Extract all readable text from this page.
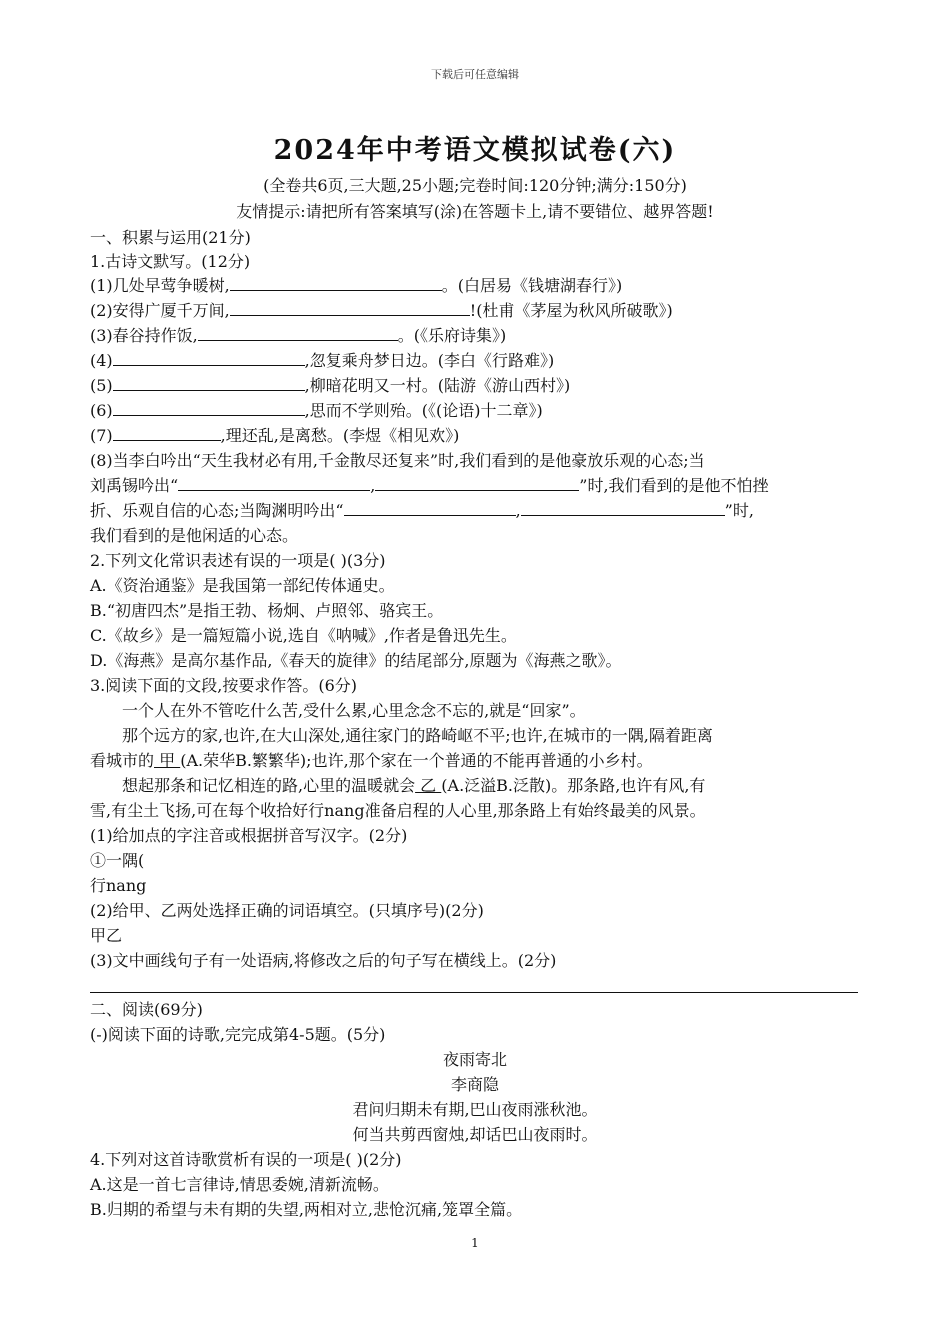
下载后可任意编辑
2024年中考语文模拟试卷(六)
(全卷共6页,三大题,25小题;完卷时间:120分钟;满分:150分)
友情提示:请把所有答案填写(涂)在答题卡上,请不要错位、越界答题!
一、积累与运用(21分)
1.古诗文默写。(12分)
(1)几处早莺争暖树,	。(白居易《钱塘湖春行》)
(2)安得广厦千万间,	!(杜甫《茅屋为秋风所破歌》)
(3)春谷持作饭,	。(《乐府诗集》)
(4)	,忽复乘舟梦日边。(李白《行路难》)
(5)	,柳暗花明又一村。(陆游《游山西村》)
(6)	,思而不学则殆。(《(论语)十二章》)
(7)	,理还乱,是离愁。(李煜《相见欢》)
(8)当李白吟出“天生我材必有用,千金散尽还复来”时,我们看到的是他豪放乐观的心态;当
刘禹锡吟出“	,	”时,我们看到的是他不怕挫
折、乐观自信的心态;当陶渊明吟出“	,	”时,
我们看到的是他闲适的心态。
2.下列文化常识表述有误的一项是( )(3分)
A.《资治通鉴》是我国第一部纪传体通史。
B.“初唐四杰”是指王勃、杨炯、卢照邻、骆宾王。
C.《故乡》是一篇短篇小说,选自《呐喊》,作者是鲁迅先生。
D.《海燕》是高尔基作品,《春天的旋律》的结尾部分,原题为《海燕之歌》。
3.阅读下面的文段,按要求作答。(6分)
一个人在外不管吃什么苦,受什么累,心里念念不忘的,就是“回家”。
那个远方的家,也许,在大山深处,通往家门的路崎岖不平;也许,在城市的一隅,隔着距离
看城市的 甲 (A.荣华B.繁繁华);也许,那个家在一个普通的不能再普通的小乡村。
想起那条和记忆相连的路,心里的温暖就会 乙 (A.泛溢B.泛散)。那条路,也许有风,有
雪,有尘土飞扬,可在每个收拾好行nang准备启程的人心里,那条路上有始终最美的风景。
(1)给加点的字注音或根据拼音写汉字。(2分)
①一隅(
行nang
(2)给甲、乙两处选择正确的词语填空。(只填序号)(2分)
甲乙
(3)文中画线句子有一处语病,将修改之后的句子写在横线上。(2分)
二、阅读(69分)
(-)阅读下面的诗歌,完完成第4-5题。(5分)
夜雨寄北
李商隐
君问归期未有期,巴山夜雨涨秋池。
何当共剪西窗烛,却话巴山夜雨时。
4.下列对这首诗歌赏析有误的一项是( )(2分)
A.这是一首七言律诗,情思委婉,清新流畅。
B.归期的希望与未有期的失望,两相对立,悲怆沉痛,笼罩全篇。
1
